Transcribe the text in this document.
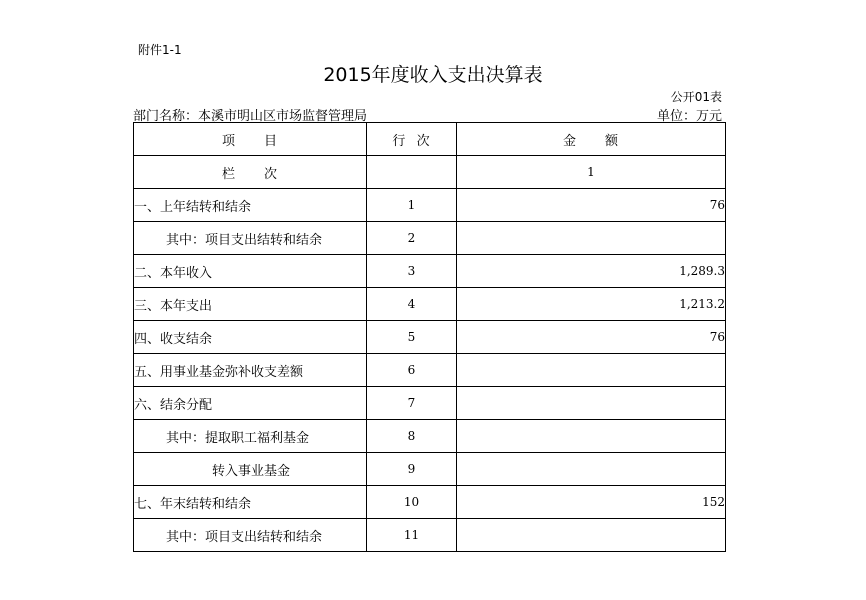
附件1-1
2015年度收入支出决算表
公开01表
部门名称：本溪市明山区市场监督管理局	单位：万元
项 目	行 次	金 额
栏 次		1
一、上年结转和结余	1	76
其中：项目支出结转和结余	2	
二、本年收入	3	1,289.3
三、本年支出	4	1,213.2
四、收支结余	5	76
五、用事业基金弥补收支差额	6	
六、结余分配	7	
其中：提取职工福利基金	8	
转入事业基金	9	
七、年末结转和结余	10	152
其中：项目支出结转和结余	11	
